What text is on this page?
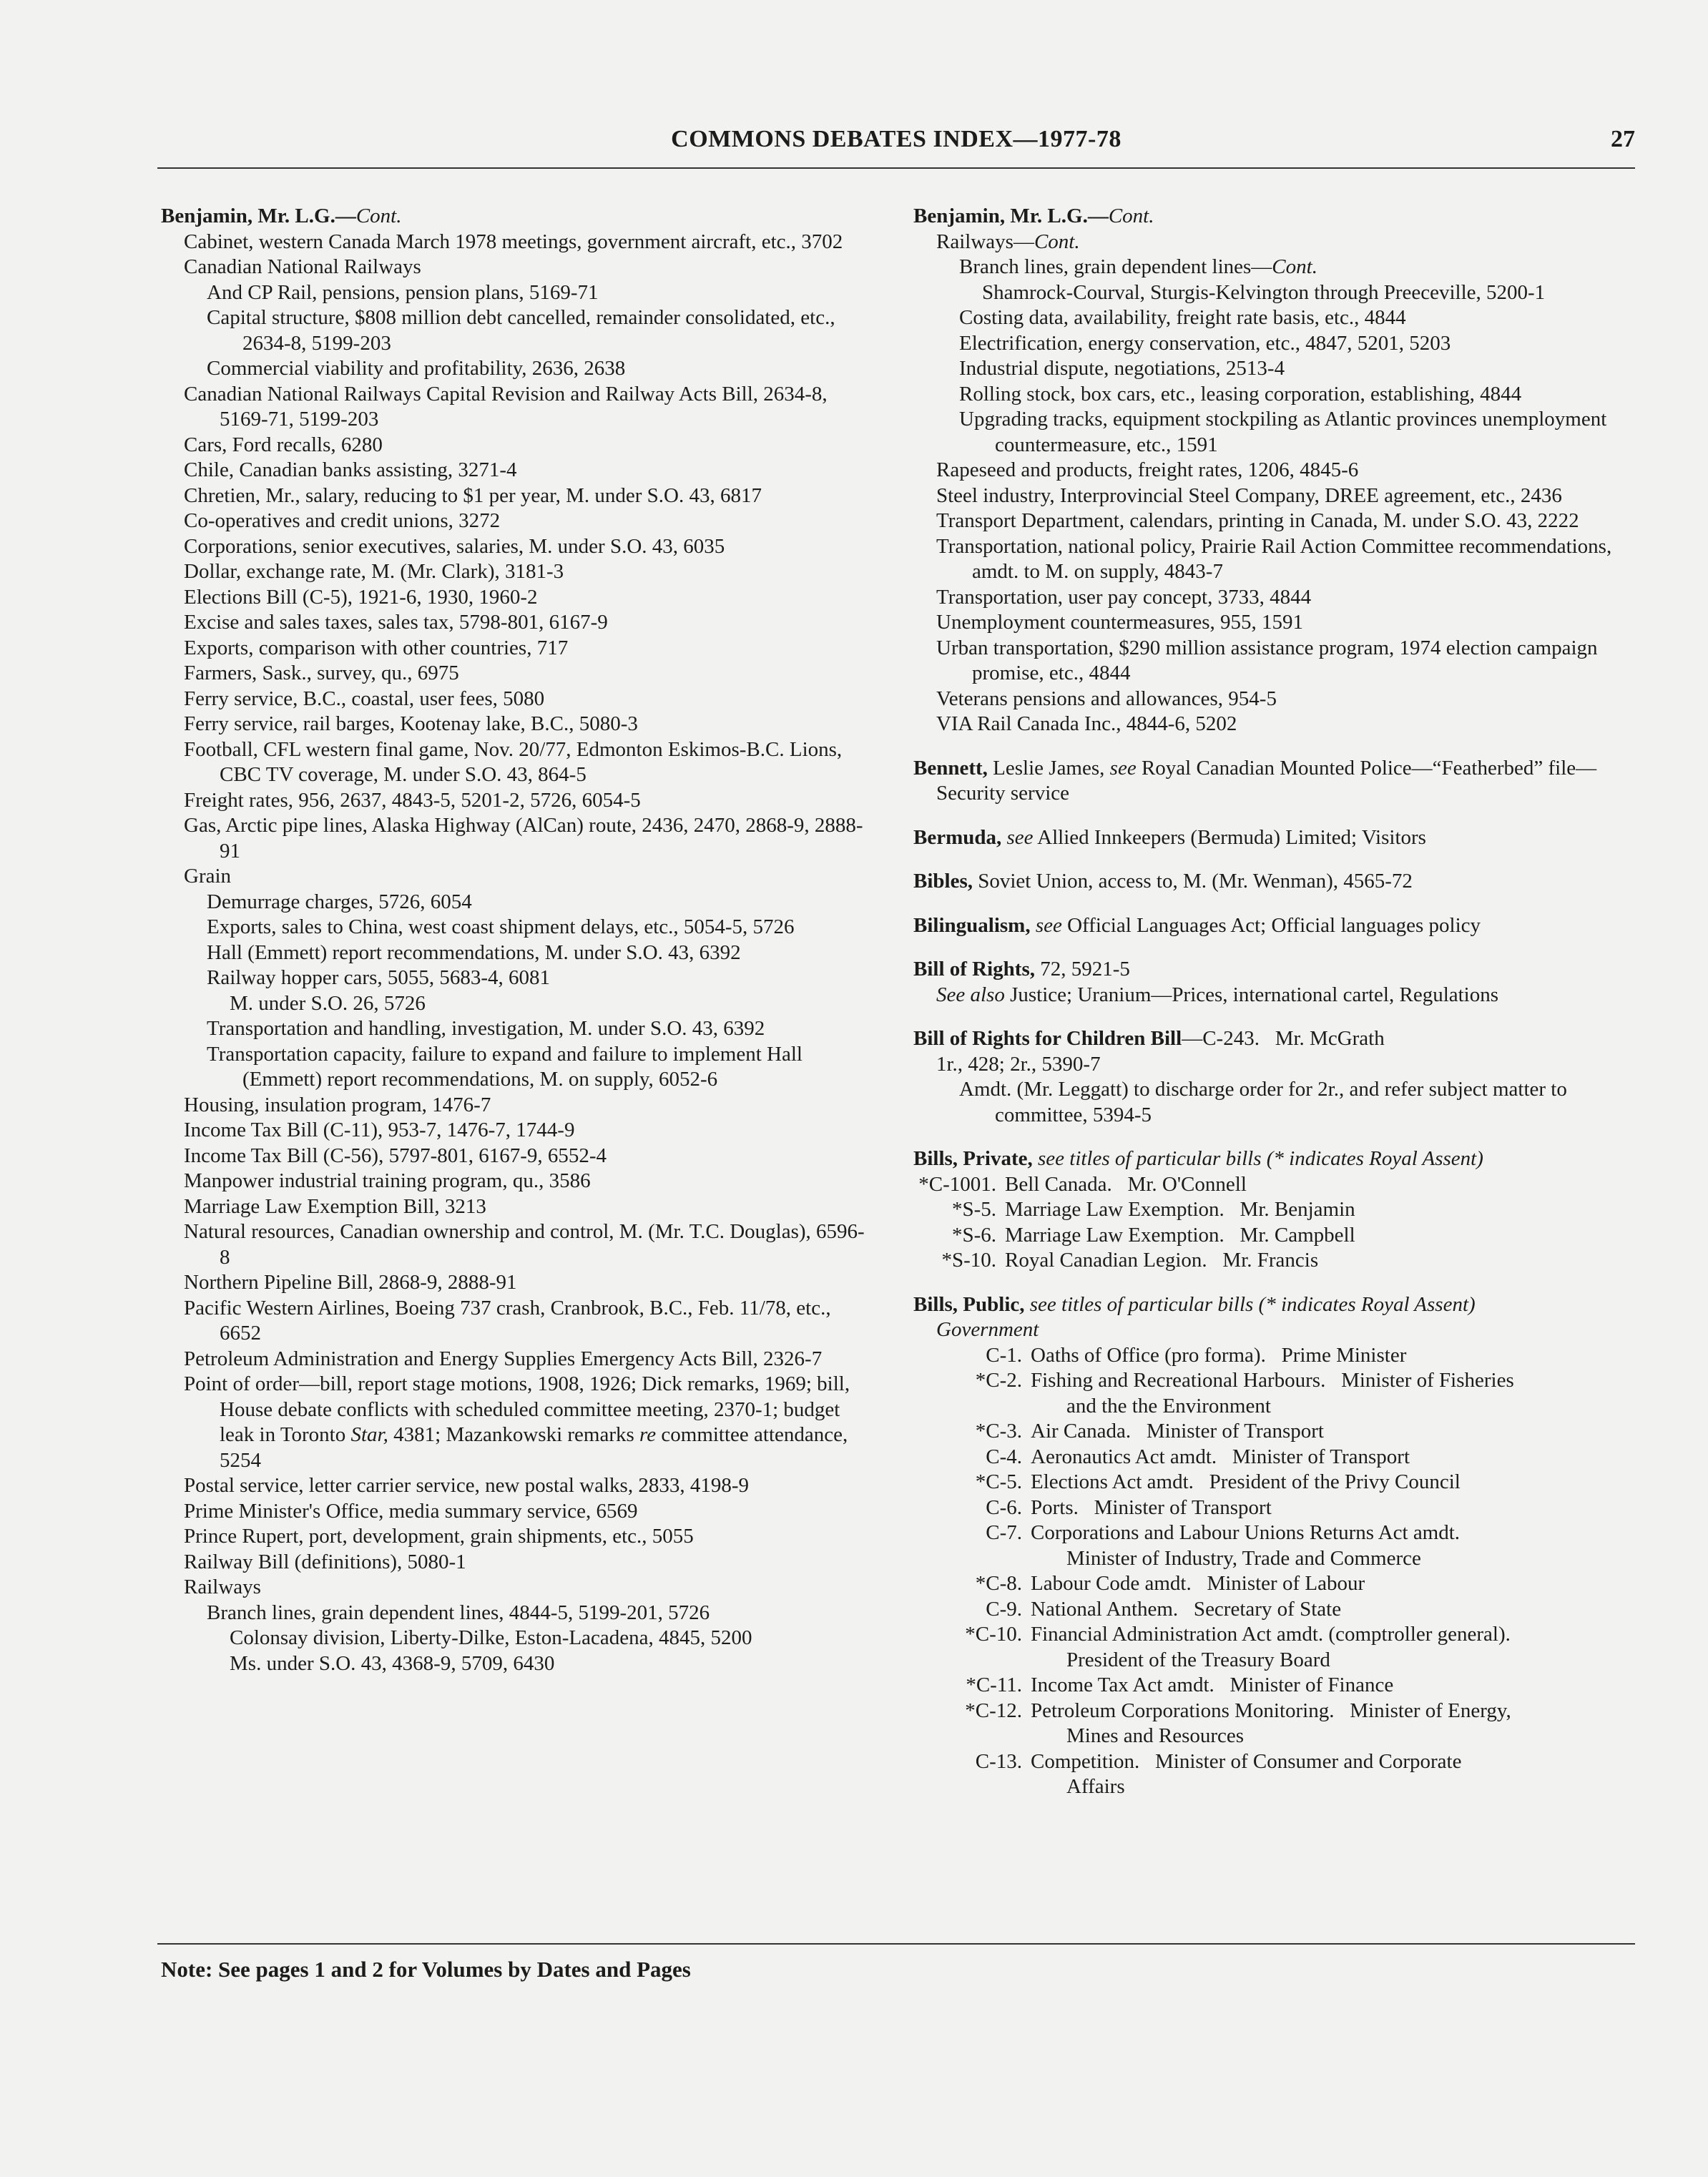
COMMONS DEBATES INDEX—1977-78	27
Benjamin, Mr. L.G.—Cont.
Cabinet, western Canada March 1978 meetings, government aircraft, etc., 3702
Canadian National Railways
And CP Rail, pensions, pension plans, 5169-71
Capital structure, $808 million debt cancelled, remainder consolidated, etc., 2634-8, 5199-203
Commercial viability and profitability, 2636, 2638
Canadian National Railways Capital Revision and Railway Acts Bill, 2634-8, 5169-71, 5199-203
Cars, Ford recalls, 6280
Chile, Canadian banks assisting, 3271-4
Chretien, Mr., salary, reducing to $1 per year, M. under S.O. 43, 6817
Co-operatives and credit unions, 3272
Corporations, senior executives, salaries, M. under S.O. 43, 6035
Dollar, exchange rate, M. (Mr. Clark), 3181-3
Elections Bill (C-5), 1921-6, 1930, 1960-2
Excise and sales taxes, sales tax, 5798-801, 6167-9
Exports, comparison with other countries, 717
Farmers, Sask., survey, qu., 6975
Ferry service, B.C., coastal, user fees, 5080
Ferry service, rail barges, Kootenay lake, B.C., 5080-3
Football, CFL western final game, Nov. 20/77, Edmonton Eskimos-B.C. Lions, CBC TV coverage, M. under S.O. 43, 864-5
Freight rates, 956, 2637, 4843-5, 5201-2, 5726, 6054-5
Gas, Arctic pipe lines, Alaska Highway (AlCan) route, 2436, 2470, 2868-9, 2888-91
Grain
Demurrage charges, 5726, 6054
Exports, sales to China, west coast shipment delays, etc., 5054-5, 5726
Hall (Emmett) report recommendations, M. under S.O. 43, 6392
Railway hopper cars, 5055, 5683-4, 6081
M. under S.O. 26, 5726
Transportation and handling, investigation, M. under S.O. 43, 6392
Transportation capacity, failure to expand and failure to implement Hall (Emmett) report recommendations, M. on supply, 6052-6
Housing, insulation program, 1476-7
Income Tax Bill (C-11), 953-7, 1476-7, 1744-9
Income Tax Bill (C-56), 5797-801, 6167-9, 6552-4
Manpower industrial training program, qu., 3586
Marriage Law Exemption Bill, 3213
Natural resources, Canadian ownership and control, M. (Mr. T.C. Douglas), 6596-8
Northern Pipeline Bill, 2868-9, 2888-91
Pacific Western Airlines, Boeing 737 crash, Cranbrook, B.C., Feb. 11/78, etc., 6652
Petroleum Administration and Energy Supplies Emergency Acts Bill, 2326-7
Point of order—bill, report stage motions, 1908, 1926; Dick remarks, 1969; bill, House debate conflicts with scheduled committee meeting, 2370-1; budget leak in Toronto Star, 4381; Mazankowski remarks re committee attendance, 5254
Postal service, letter carrier service, new postal walks, 2833, 4198-9
Prime Minister's Office, media summary service, 6569
Prince Rupert, port, development, grain shipments, etc., 5055
Railway Bill (definitions), 5080-1
Railways
Branch lines, grain dependent lines, 4844-5, 5199-201, 5726
Colonsay division, Liberty-Dilke, Eston-Lacadena, 4845, 5200
Ms. under S.O. 43, 4368-9, 5709, 6430
Benjamin, Mr. L.G.—Cont.
Railways—Cont.
Branch lines, grain dependent lines—Cont.
Shamrock-Courval, Sturgis-Kelvington through Preeceville, 5200-1
Costing data, availability, freight rate basis, etc., 4844
Electrification, energy conservation, etc., 4847, 5201, 5203
Industrial dispute, negotiations, 2513-4
Rolling stock, box cars, etc., leasing corporation, establishing, 4844
Upgrading tracks, equipment stockpiling as Atlantic provinces unemployment countermeasure, etc., 1591
Rapeseed and products, freight rates, 1206, 4845-6
Steel industry, Interprovincial Steel Company, DREE agreement, etc., 2436
Transport Department, calendars, printing in Canada, M. under S.O. 43, 2222
Transportation, national policy, Prairie Rail Action Committee recommendations, amdt. to M. on supply, 4843-7
Transportation, user pay concept, 3733, 4844
Unemployment countermeasures, 955, 1591
Urban transportation, $290 million assistance program, 1974 election campaign promise, etc., 4844
Veterans pensions and allowances, 954-5
VIA Rail Canada Inc., 4844-6, 5202
Bennett, Leslie James, see Royal Canadian Mounted Police—“Featherbed” file—Security service
Bermuda, see Allied Innkeepers (Bermuda) Limited; Visitors
Bibles, Soviet Union, access to, M. (Mr. Wenman), 4565-72
Bilingualism, see Official Languages Act; Official languages policy
Bill of Rights, 72, 5921-5
See also Justice; Uranium—Prices, international cartel, Regulations
Bill of Rights for Children Bill—C-243.   Mr. McGrath
1r., 428; 2r., 5390-7
Amdt. (Mr. Leggatt) to discharge order for 2r., and refer subject matter to committee, 5394-5
Bills, Private, see titles of particular bills (* indicates Royal Assent)
*C-1001. Bell Canada.   Mr. O'Connell
*S-5. Marriage Law Exemption.   Mr. Benjamin
*S-6. Marriage Law Exemption.   Mr. Campbell
*S-10. Royal Canadian Legion.   Mr. Francis
Bills, Public, see titles of particular bills (* indicates Royal Assent)
Government
C-1. Oaths of Office (pro forma).   Prime Minister
*C-2. Fishing and Recreational Harbours.   Minister of Fisheries
and the the Environment
*C-3. Air Canada.   Minister of Transport
C-4. Aeronautics Act amdt.   Minister of Transport
*C-5. Elections Act amdt.   President of the Privy Council
C-6. Ports.   Minister of Transport
C-7. Corporations and Labour Unions Returns Act amdt.
Minister of Industry, Trade and Commerce
*C-8. Labour Code amdt.   Minister of Labour
C-9. National Anthem.   Secretary of State
*C-10. Financial Administration Act amdt. (comptroller general).
President of the Treasury Board
*C-11. Income Tax Act amdt.   Minister of Finance
*C-12. Petroleum Corporations Monitoring.   Minister of Energy,
Mines and Resources
C-13. Competition.   Minister of Consumer and Corporate
Affairs
Note: See pages 1 and 2 for Volumes by Dates and Pages
